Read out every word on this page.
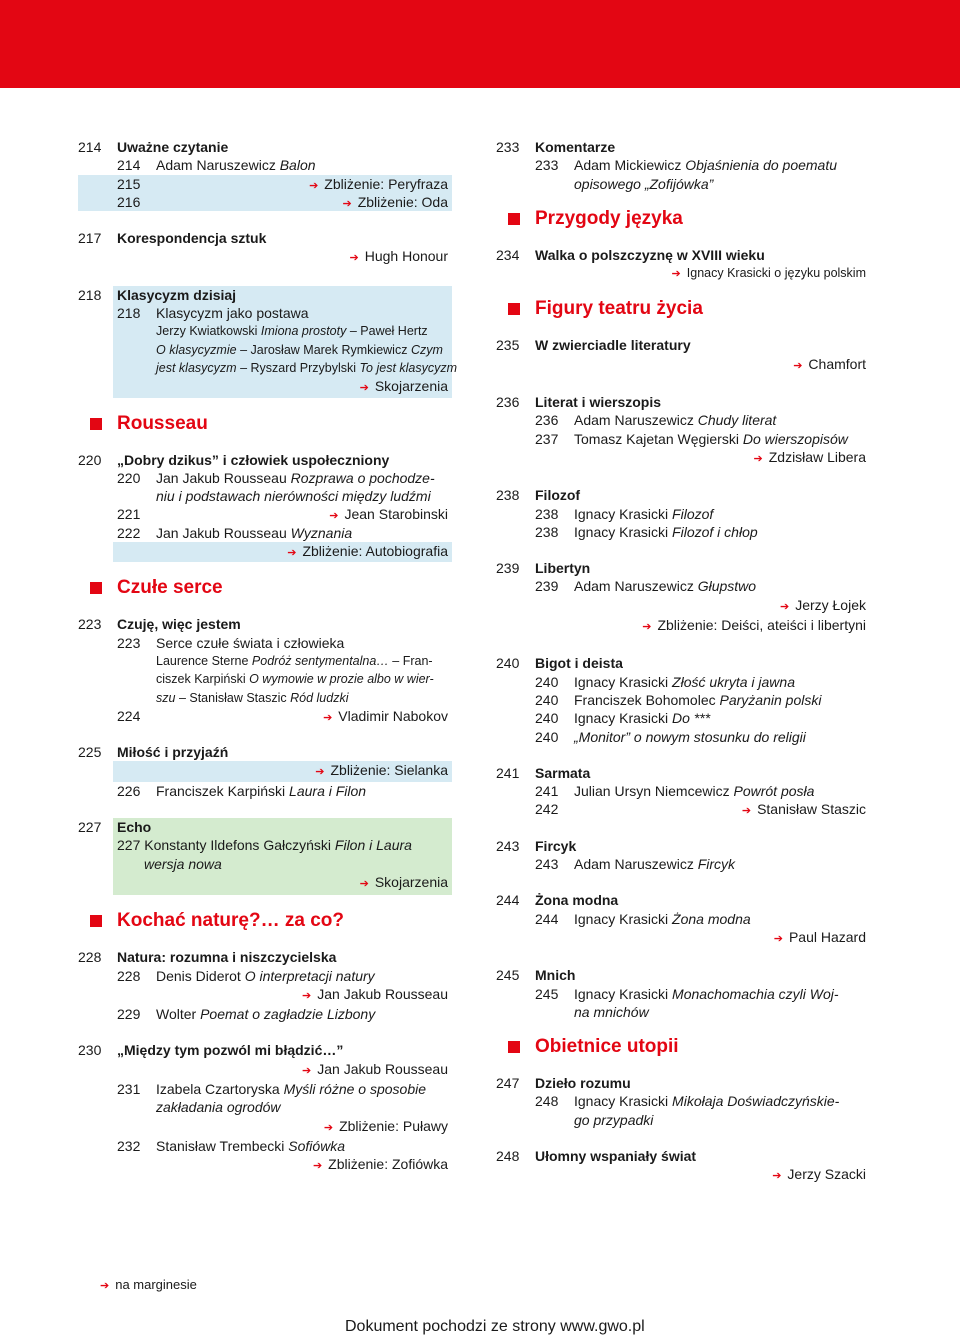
214 Uważne czytanie
214 Adam Naruszewicz Balon
215	➔ Zbliżenie: Peryfraza
216	➔ Zbliżenie: Oda
217 Korespondencja sztuk
➔ Hugh Honour
218 Klasycyzm dzisiaj
218 Klasycyzm jako postawa
Jerzy Kwiatkowski Imiona prostoty – Paweł Hertz
O klasycyzmie – Jarosław Marek Rymkiewicz Czym
jest klasycyzm – Ryszard Przybylski To jest klasycyzm
➔ Skojarzenia
Rousseau
220 „Dobry dzikus” i człowiek uspołeczniony
220 Jan Jakub Rousseau Rozprawa o pochodze-
niu i podstawach nierówności między ludźmi
221	➔ Jean Starobinski
222 Jan Jakub Rousseau Wyznania
➔ Zbliżenie: Autobiografia
Czułe serce
223 Czuję, więc jestem
223 Serce czułe świata i człowieka
Laurence Sterne Podróż sentymentalna… – Fran-
ciszek Karpiński O wymowie w prozie albo w wier-
szu – Stanisław Staszic Ród ludzki
224	➔ Vladimir Nabokov
225 Miłość i przyjaźń
➔ Zbliżenie: Sielanka
226 Franciszek Karpiński Laura i Filon
227 Echo
227 Konstanty Ildefons Gałczyński Filon i Laura
wersja nowa
➔ Skojarzenia
Kochać naturę?… za co?
228 Natura: rozumna i niszczycielska
228 Denis Diderot O interpretacji natury
➔ Jan Jakub Rousseau
229 Wolter Poemat o zagładzie Lizbony
230 „Między tym pozwól mi błądzić…”
➔ Jan Jakub Rousseau
231 Izabela Czartoryska Myśli różne o sposobie
zakładania ogrodów
➔ Zbliżenie: Puławy
232 Stanisław Trembecki Sofiówka
➔ Zbliżenie: Zofiówka
233 Komentarze
233 Adam Mickiewicz Objaśnienia do poematu
opisowego „Zofijówka”
Przygody języka
234 Walka o polszczyznę w XVIII wieku
➔ Ignacy Krasicki o języku polskim
Figury teatru życia
235 W zwierciadle literatury
➔ Chamfort
236 Literat i wierszopis
236 Adam Naruszewicz Chudy literat
237 Tomasz Kajetan Węgierski Do wierszopisów
➔ Zdzisław Libera
238 Filozof
238 Ignacy Krasicki Filozof
238 Ignacy Krasicki Filozof i chłop
239 Libertyn
239 Adam Naruszewicz Głupstwo
➔ Jerzy Łojek
➔ Zbliżenie: Deiści, ateiści i libertyni
240 Bigot i deista
240 Ignacy Krasicki Złość ukryta i jawna
240 Franciszek Bohomolec Paryżanin polski
240 Ignacy Krasicki Do ***
240 „Monitor” o nowym stosunku do religii
241 Sarmata
241 Julian Ursyn Niemcewicz Powrót posła
242	➔ Stanisław Staszic
243 Fircyk
243 Adam Naruszewicz Fircyk
244 Żona modna
244 Ignacy Krasicki Żona modna
➔ Paul Hazard
245 Mnich
245 Ignacy Krasicki Monachomachia czyli Woj-
na mnichów
Obietnice utopii
247 Dzieło rozumu
248 Ignacy Krasicki Mikołaja Doświadczyńskie-
go przypadki
248 Ułomny wspaniały świat
➔ Jerzy Szacki
➔ na marginesie
Dokument pochodzi ze strony www.gwo.pl
